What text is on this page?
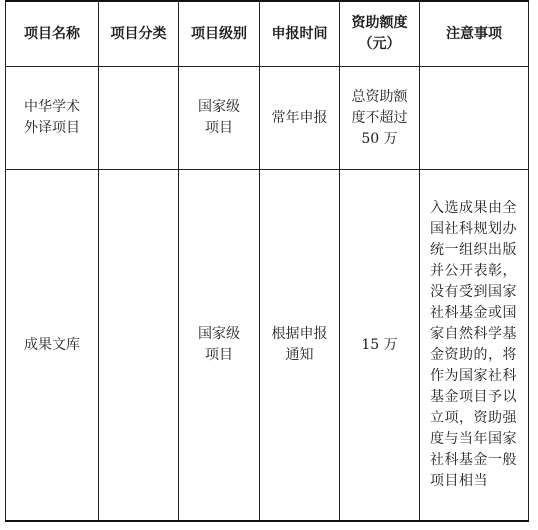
项目名称	项目分类	项目级别	申报时间	资助额度（元）	注意事项
中华学术外译项目		国家级项目	常年申报	总资助额度不超过 50 万	
成果文库		国家级项目	根据申报通知	15 万	入选成果由全国社科规划办统一组织出版并公开表彰，没有受到国家社科基金或国家自然科学基金资助的，将作为国家社科基金项目予以立项，资助强度与当年国家社科基金一般项目相当
